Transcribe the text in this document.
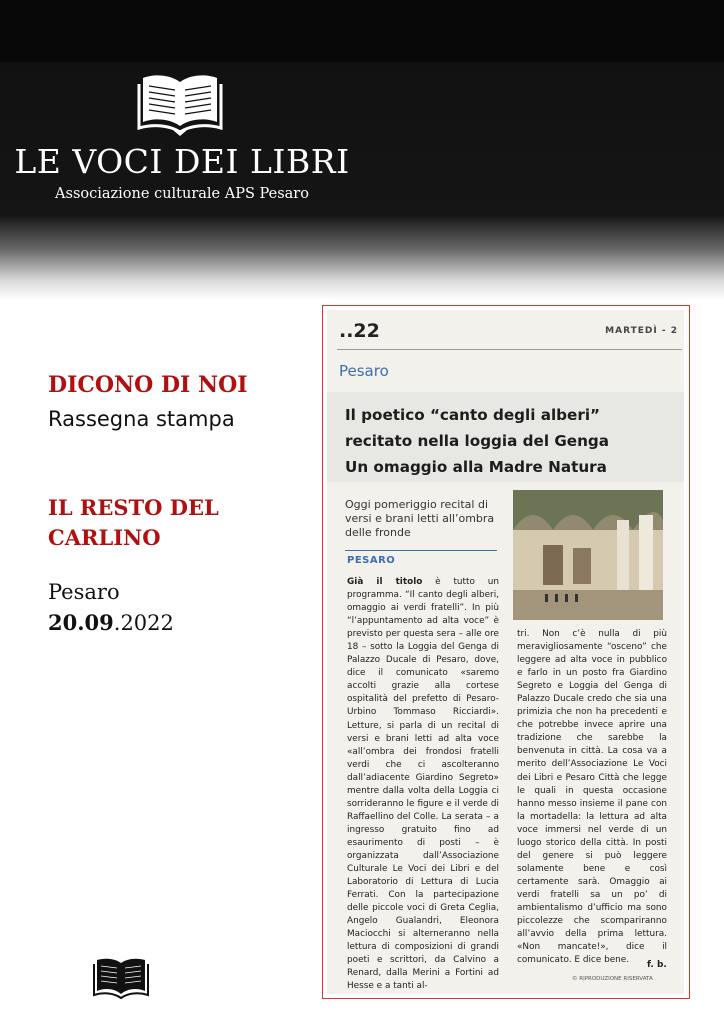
LE VOCI DEI LIBRI
Associazione culturale APS Pesaro
DICONO DI NOI
Rassegna stampa
IL RESTO DEL CARLINO
Pesaro
20.09.2022
..22	MARTEDÌ - 2
Pesaro
Il poetico “canto degli alberi”
recitato nella loggia del Genga
Un omaggio alla Madre Natura
Oggi pomeriggio recital di versi e brani letti all’ombra delle fronde
PESARO
Già il titolo è tutto un programma. “Il canto degli alberi, omaggio ai verdi fratelli”. In più “l’appuntamento ad alta voce” è previsto per questa sera – alle ore 18 – sotto la Loggia del Genga di Palazzo Ducale di Pesaro, dove, dice il comunicato «saremo accolti grazie alla cortese ospitalità del prefetto di Pesaro-Urbino Tommaso Ricciardi». Letture, si parla di un recital di versi e brani letti ad alta voce «all’ombra dei frondosi fratelli verdi che ci ascolteranno dall’adiacente Giardino Segreto» mentre dalla volta della Loggia ci sorrideranno le figure e il verde di Raffaellino del Colle. La serata – a ingresso gratuito fino ad esaurimento di posti – è organizzata dall’Associazione Culturale Le Voci dei Libri e del Laboratorio di Lettura di Lucia Ferrati. Con la partecipazione delle piccole voci di Greta Ceglia, Angelo Gualandri, Eleonora Maciocchi si alterneranno nella lettura di composizioni di grandi poeti e scrittori, da Calvino a Renard, dalla Merini a Fortini ad Hesse e a tanti al-
tri. Non c’è nulla di più meravigliosamente “osceno” che leggere ad alta voce in pubblico e farlo in un posto fra Giardino Segreto e Loggia del Genga di Palazzo Ducale credo che sia una primizia che non ha precedenti e che potrebbe invece aprire una tradizione che sarebbe la benvenuta in città. La cosa va a merito dell’Associazione Le Voci dei Libri e Pesaro Città che legge le quali in questa occasione hanno messo insieme il pane con la mortadella: la lettura ad alta voce immersi nel verde di un luogo storico della città. In posti del genere si può leggere solamente bene e così certamente sarà. Omaggio ai verdi fratelli sa un po’ di ambientalismo d’ufficio ma sono piccolezze che scompariranno all’avvio della prima lettura. «Non mancate!», dice il comunicato. E dice bene.	f. b.
© RIPRODUZIONE RISERVATA
